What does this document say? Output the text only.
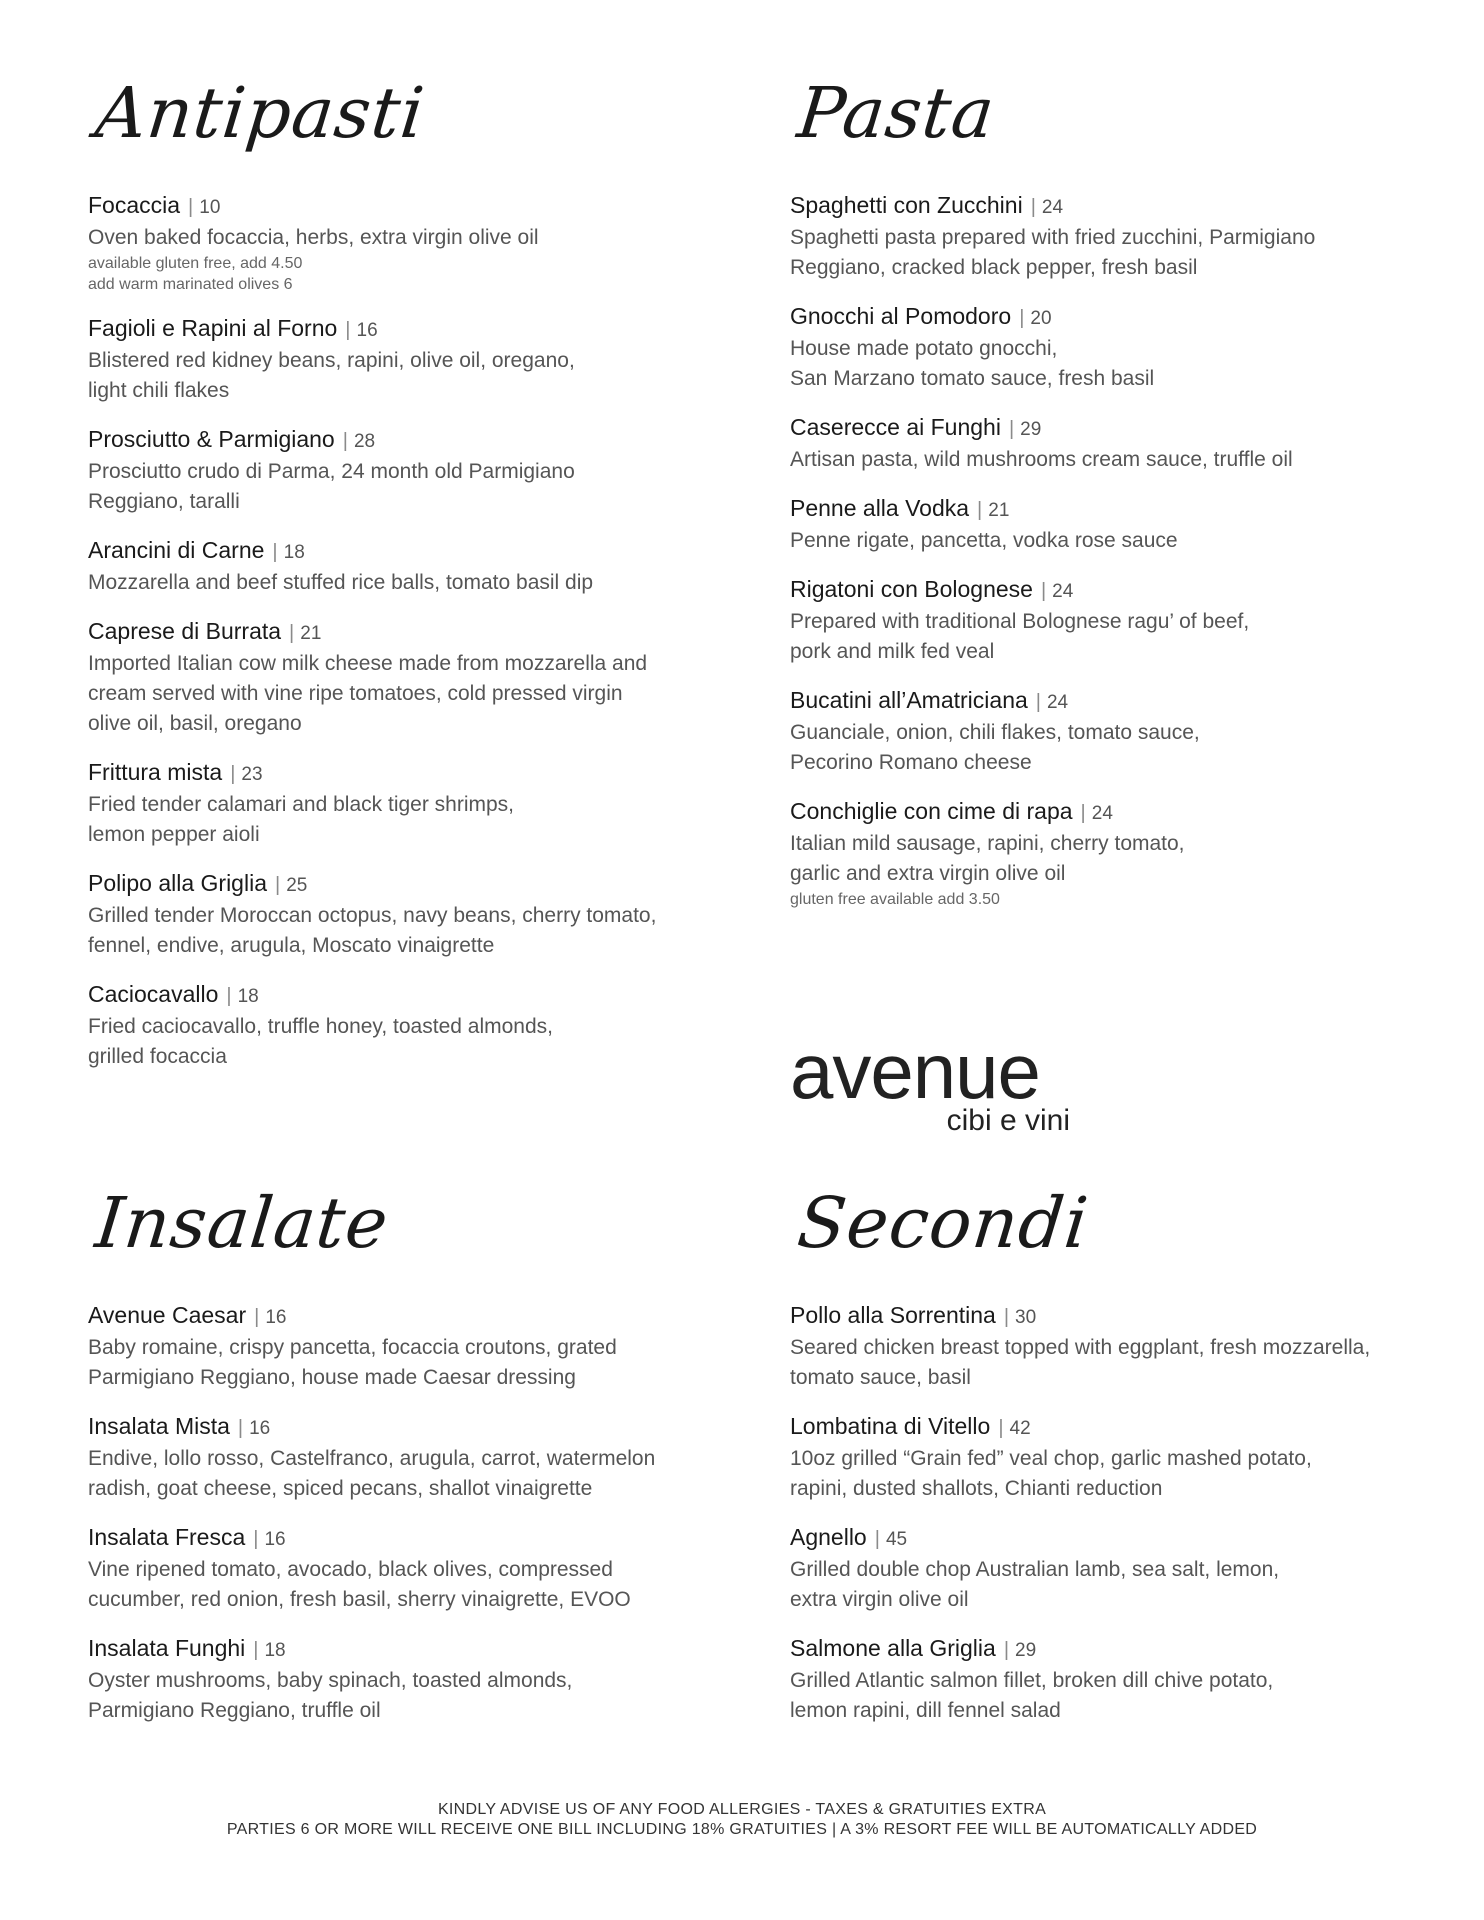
Antipasti
Focaccia | 10
Oven baked focaccia, herbs, extra virgin olive oil
available gluten free, add 4.50
add warm marinated olives 6
Fagioli e Rapini al Forno | 16
Blistered red kidney beans, rapini, olive oil, oregano,
light chili flakes
Prosciutto & Parmigiano | 28
Prosciutto crudo di Parma, 24 month old Parmigiano
Reggiano, taralli
Arancini di Carne | 18
Mozzarella and beef stuffed rice balls, tomato basil dip
Caprese di Burrata | 21
Imported Italian cow milk cheese made from mozzarella and
cream served with vine ripe tomatoes, cold pressed virgin
olive oil, basil, oregano
Frittura mista | 23
Fried tender calamari and black tiger shrimps,
lemon pepper aioli
Polipo alla Griglia | 25
Grilled tender Moroccan octopus, navy beans, cherry tomato,
fennel, endive, arugula, Moscato vinaigrette
Caciocavallo | 18
Fried caciocavallo, truffle honey, toasted almonds,
grilled focaccia
Pasta
Spaghetti con Zucchini | 24
Spaghetti pasta prepared with fried zucchini, Parmigiano
Reggiano, cracked black pepper, fresh basil
Gnocchi al Pomodoro | 20
House made potato gnocchi,
San Marzano tomato sauce, fresh basil
Caserecce ai Funghi | 29
Artisan pasta, wild mushrooms cream sauce, truffle oil
Penne alla Vodka | 21
Penne rigate, pancetta, vodka rose sauce
Rigatoni con Bolognese | 24
Prepared with traditional Bolognese ragu’ of beef,
pork and milk fed veal
Bucatini all’Amatriciana | 24
Guanciale, onion, chili flakes, tomato sauce,
Pecorino Romano cheese
Conchiglie con cime di rapa | 24
Italian mild sausage, rapini, cherry tomato,
garlic and extra virgin olive oil
gluten free available add 3.50
avenue
cibi e vini
Insalate
Avenue Caesar | 16
Baby romaine, crispy pancetta, focaccia croutons, grated
Parmigiano Reggiano, house made Caesar dressing
Insalata Mista | 16
Endive, lollo rosso, Castelfranco, arugula, carrot, watermelon
radish, goat cheese, spiced pecans, shallot vinaigrette
Insalata Fresca | 16
Vine ripened tomato, avocado, black olives, compressed
cucumber, red onion, fresh basil, sherry vinaigrette, EVOO
Insalata Funghi | 18
Oyster mushrooms, baby spinach, toasted almonds,
Parmigiano Reggiano, truffle oil
Secondi
Pollo alla Sorrentina | 30
Seared chicken breast topped with eggplant, fresh mozzarella,
tomato sauce, basil
Lombatina di Vitello | 42
10oz grilled “Grain fed” veal chop, garlic mashed potato,
rapini, dusted shallots, Chianti reduction
Agnello | 45
Grilled double chop Australian lamb, sea salt, lemon,
extra virgin olive oil
Salmone alla Griglia | 29
Grilled Atlantic salmon fillet, broken dill chive potato,
lemon rapini, dill fennel salad
KINDLY ADVISE US OF ANY FOOD ALLERGIES - TAXES & GRATUITIES EXTRA
PARTIES 6 OR MORE WILL RECEIVE ONE BILL INCLUDING 18% GRATUITIES | A 3% RESORT FEE WILL BE AUTOMATICALLY ADDED
